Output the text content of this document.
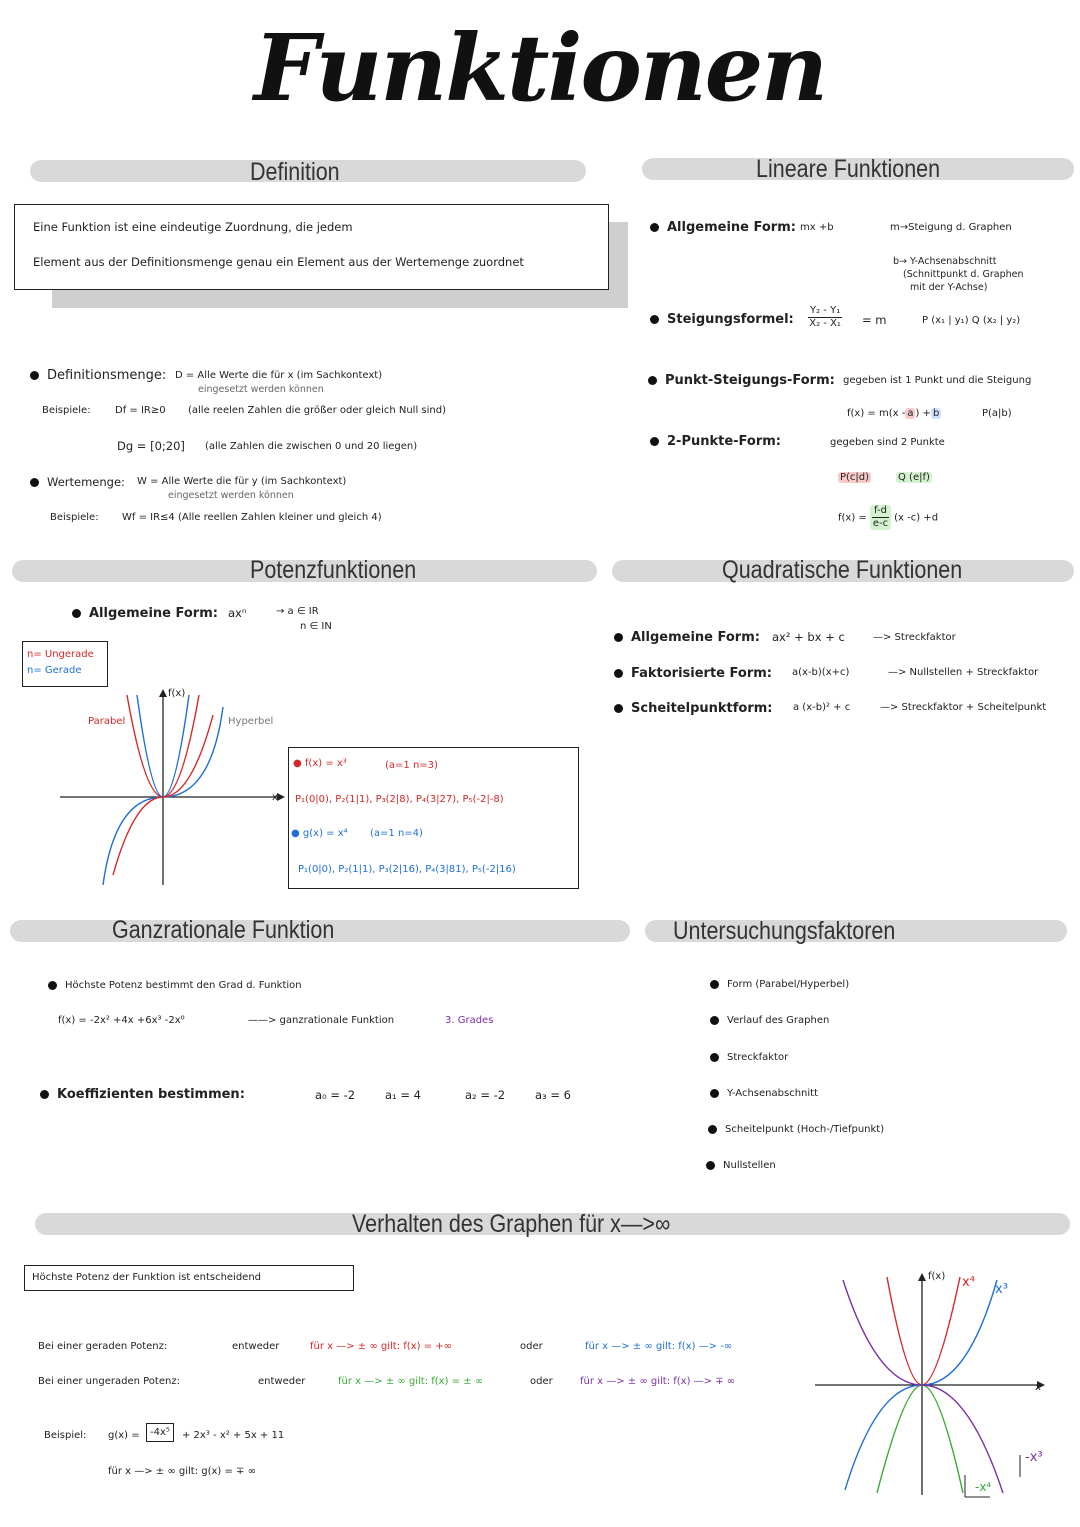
Funktionen
Definition
Eine Funktion ist eine eindeutige Zuordnung, die jedem
Element aus der Definitionsmenge genau ein Element aus der Wertemenge zuordnet
Definitionsmenge: D = Alle Werte die für x (im Sachkontext)
eingesetzt werden können
Beispiele: Df = IR≥0 (alle reelen Zahlen die größer oder gleich Null sind)
Dg = [0;20] (alle Zahlen die zwischen 0 und 20 liegen)
Wertemenge: W = Alle Werte die für y (im Sachkontext)
eingesetzt werden können
Beispiele: Wf = IR≤4 (Alle reellen Zahlen kleiner und gleich 4)
Lineare Funktionen
Allgemeine Form: mx +b	m→Steigung d. Graphen
b→ Y-Achsenabschnitt
(Schnittpunkt d. Graphen
mit der Y-Achse)
Steigungsformel: $\frac{\text{Y₂ - Y₁}}{\text{X₂ - X₁}} = m$	P (x₁ | y₁) Q (x₂ | y₂)
Punkt-Steigungs-Form: gegeben ist 1 Punkt und die Steigung
f(x) = m(x - a ) + b	P(a|b)
2-Punkte-Form:	gegeben sind 2 Punkte
P(c|d)	Q (e|f)
$f(x) = \frac{f-d}{e-c} (x$ -c) +d
Potenzfunktionen
Allgemeine Form: axⁿ	→ a ∈ IR
n ∈ IN
n= Ungerade
n= Gerade
f(x)
x
Parabel	Hyperbel
● f(x) = x³	(a=1 n=3)
P₁(0|0), P₂(1|1), P₃(2|8), P₄(3|27), P₅(-2|-8)
● g(x) = x⁴ (a=1 n=4)
P₁(0|0), P₂(1|1), P₃(2|16), P₄(3|81), P₅(-2|16)
Quadratische Funktionen
Allgemeine Form: ax² + bx + c	—> Streckfaktor
Faktorisierte Form: a(x-b)(x+c)	—> Nullstellen + Streckfaktor
Scheitelpunktform: a (x-b)² + c	—> Streckfaktor + Scheitelpunkt
Ganzrationale Funktion
Höchste Potenz bestimmt den Grad d. Funktion
f(x) = -2x² +4x +6x³ -2x⁰	——> ganzrationale Funktion	3. Grades
Koeffizienten bestimmen:	a₀ = -2	a₁ = 4	a₂ = -2	a₃ = 6
Untersuchungsfaktoren
Form (Parabel/Hyperbel)
Verlauf des Graphen
Streckfaktor
Y-Achsenabschnitt
Scheitelpunkt (Hoch-/Tiefpunkt)
Nullstellen
Verhalten des Graphen für x—>∞
Höchste Potenz der Funktion ist entscheidend
Bei einer geraden Potenz:	entweder	für x —> ± ∞ gilt: f(x) = +∞	oder	für x —> ± ∞ gilt: f(x) —> -∞
Bei einer ungeraden Potenz:	entweder	für x —> ± ∞ gilt: f(x) = ± ∞	oder	für x —> ± ∞ gilt: f(x) —> ∓ ∞
Beispiel: g(x) =	-4x⁵	+ 2x³ - x² + 5x + 11
für x —> ± ∞ gilt: g(x) = ∓ ∞
f(x)
x
x⁴ x³
-x⁴
-x³
